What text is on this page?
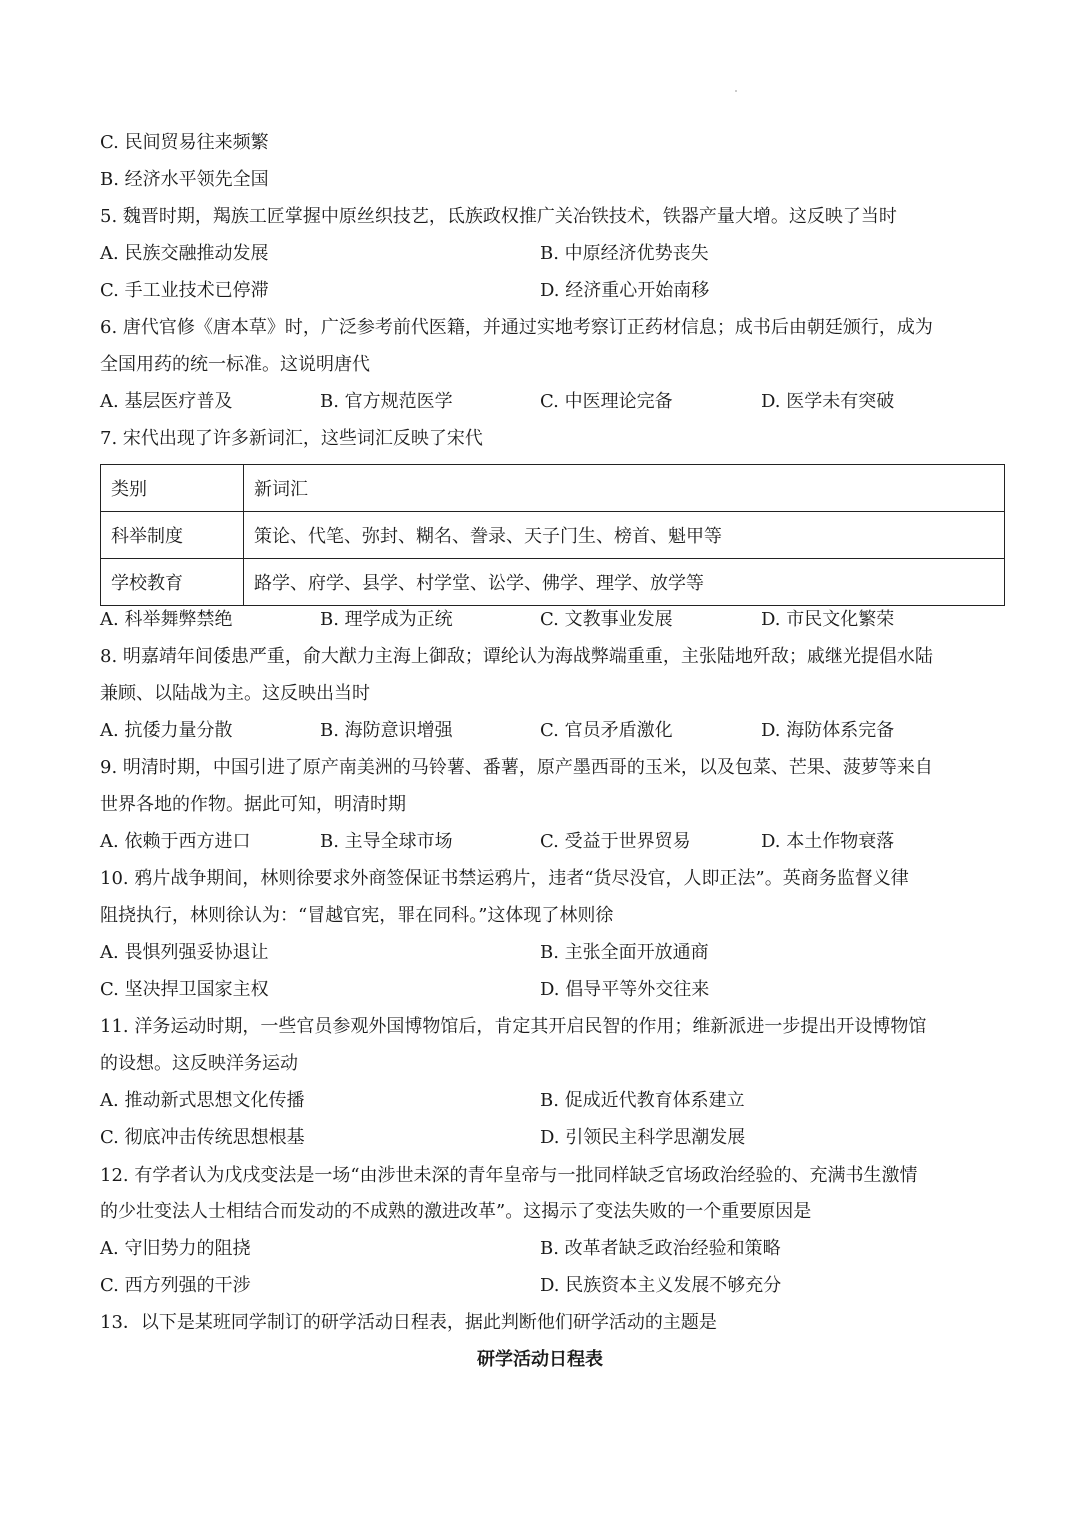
C. 民间贸易往来频繁
B. 经济水平领先全国
5. 魏晋时期，羯族工匠掌握中原丝织技艺，氐族政权推广关冶铁技术，铁器产量大增。这反映了当时
A. 民族交融推动发展	B. 中原经济优势丧失
C. 手工业技术已停滞	D. 经济重心开始南移
6. 唐代官修《唐本草》时，广泛参考前代医籍，并通过实地考察订正药材信息；成书后由朝廷颁行，成为
全国用药的统一标准。这说明唐代
A. 基层医疗普及	B. 官方规范医学	C. 中医理论完备	D. 医学未有突破
7. 宋代出现了许多新词汇，这些词汇反映了宋代
类别	新词汇
科举制度	策论、代笔、弥封、糊名、誊录、天子门生、榜首、魁甲等
学校教育	路学、府学、县学、村学堂、讼学、佛学、理学、放学等
A. 科举舞弊禁绝	B. 理学成为正统	C. 文教事业发展	D. 市民文化繁荣
8. 明嘉靖年间倭患严重，俞大猷力主海上御敌；谭纶认为海战弊端重重，主张陆地歼敌；戚继光提倡水陆
兼顾、以陆战为主。这反映出当时
A. 抗倭力量分散	B. 海防意识增强	C. 官员矛盾激化	D. 海防体系完备
9. 明清时期，中国引进了原产南美洲的马铃薯、番薯，原产墨西哥的玉米，以及包菜、芒果、菠萝等来自
世界各地的作物。据此可知，明清时期
A. 依赖于西方进口	B. 主导全球市场	C. 受益于世界贸易	D. 本土作物衰落
10. 鸦片战争期间，林则徐要求外商签保证书禁运鸦片，违者“货尽没官，人即正法”。英商务监督义律
阻挠执行，林则徐认为：“冒越官宪，罪在同科。”这体现了林则徐
A. 畏惧列强妥协退让	B. 主张全面开放通商
C. 坚决捍卫国家主权	D. 倡导平等外交往来
11. 洋务运动时期，一些官员参观外国博物馆后，肯定其开启民智的作用；维新派进一步提出开设博物馆
的设想。这反映洋务运动
A. 推动新式思想文化传播	B. 促成近代教育体系建立
C. 彻底冲击传统思想根基	D. 引领民主科学思潮发展
12. 有学者认为戊戌变法是一场“由涉世未深的青年皇帝与一批同样缺乏官场政治经验的、充满书生激情
的少壮变法人士相结合而发动的不成熟的激进改革”。这揭示了变法失败的一个重要原因是
A. 守旧势力的阻挠	B. 改革者缺乏政治经验和策略
C. 西方列强的干涉	D. 民族资本主义发展不够充分
13．以下是某班同学制订的研学活动日程表，据此判断他们研学活动的主题是
研学活动日程表
